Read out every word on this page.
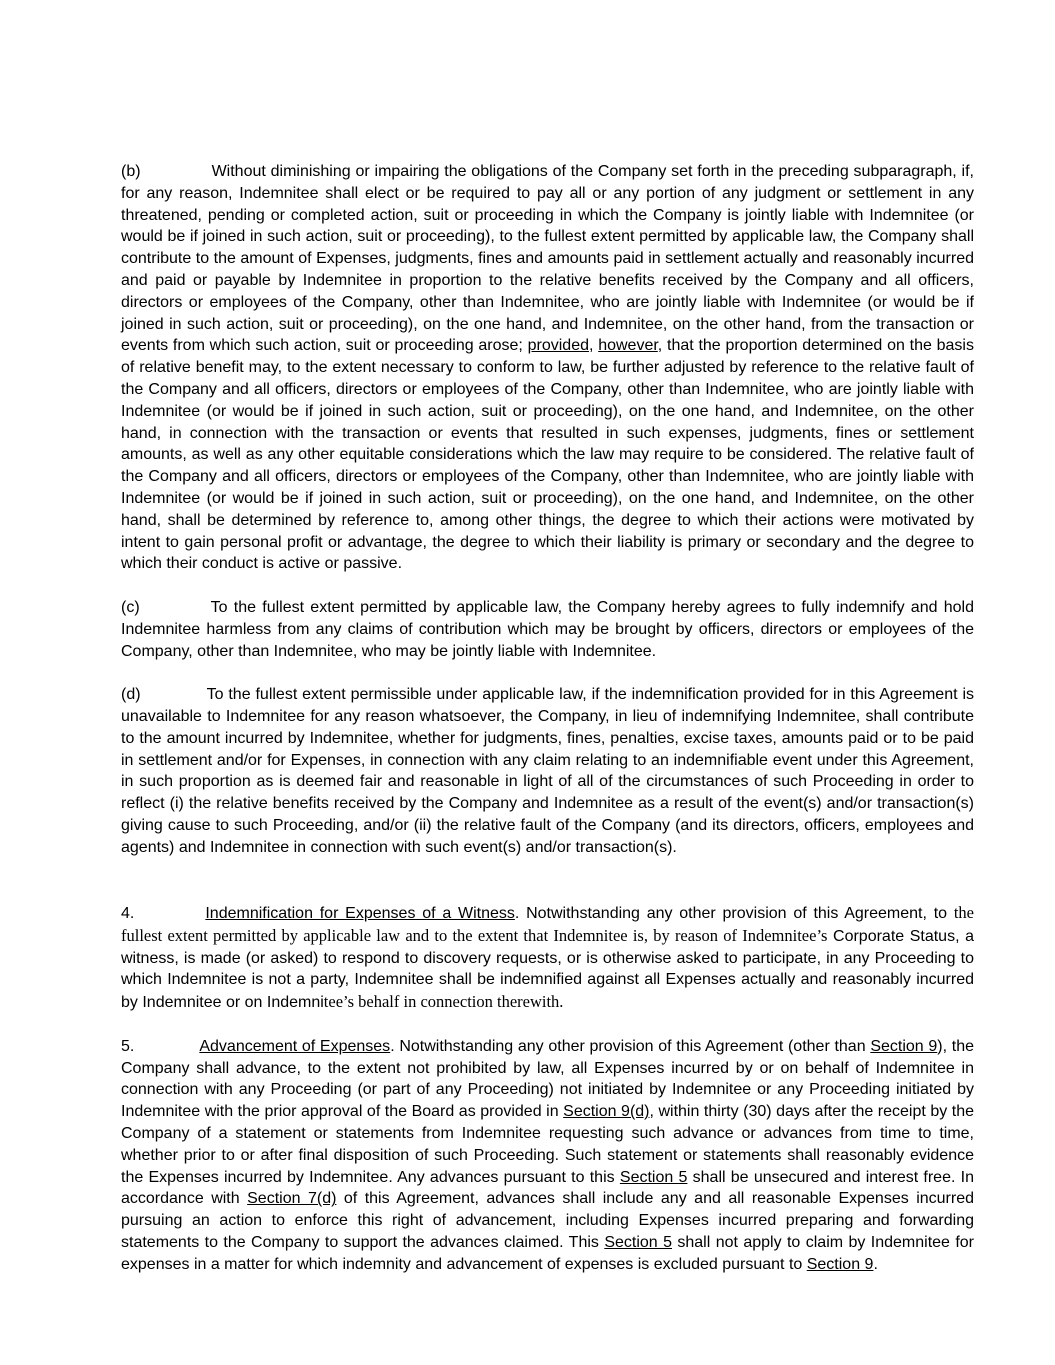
(b)	Without diminishing or impairing the obligations of the Company set forth in the preceding subparagraph, if, for any reason, Indemnitee shall elect or be required to pay all or any portion of any judgment or settlement in any threatened, pending or completed action, suit or proceeding in which the Company is jointly liable with Indemnitee (or would be if joined in such action, suit or proceeding), to the fullest extent permitted by applicable law, the Company shall contribute to the amount of Expenses, judgments, fines and amounts paid in settlement actually and reasonably incurred and paid or payable by Indemnitee in proportion to the relative benefits received by the Company and all officers, directors or employees of the Company, other than Indemnitee, who are jointly liable with Indemnitee (or would be if joined in such action, suit or proceeding), on the one hand, and Indemnitee, on the other hand, from the transaction or events from which such action, suit or proceeding arose; provided, however, that the proportion determined on the basis of relative benefit may, to the extent necessary to conform to law, be further adjusted by reference to the relative fault of the Company and all officers, directors or employees of the Company, other than Indemnitee, who are jointly liable with Indemnitee (or would be if joined in such action, suit or proceeding), on the one hand, and Indemnitee, on the other hand, in connection with the transaction or events that resulted in such expenses, judgments, fines or settlement amounts, as well as any other equitable considerations which the law may require to be considered. The relative fault of the Company and all officers, directors or employees of the Company, other than Indemnitee, who are jointly liable with Indemnitee (or would be if joined in such action, suit or proceeding), on the one hand, and Indemnitee, on the other hand, shall be determined by reference to, among other things, the degree to which their actions were motivated by intent to gain personal profit or advantage, the degree to which their liability is primary or secondary and the degree to which their conduct is active or passive.

(c)	To the fullest extent permitted by applicable law, the Company hereby agrees to fully indemnify and hold Indemnitee harmless from any claims of contribution which may be brought by officers, directors or employees of the Company, other than Indemnitee, who may be jointly liable with Indemnitee.

(d)	To the fullest extent permissible under applicable law, if the indemnification provided for in this Agreement is unavailable to Indemnitee for any reason whatsoever, the Company, in lieu of indemnifying Indemnitee, shall contribute to the amount incurred by Indemnitee, whether for judgments, fines, penalties, excise taxes, amounts paid or to be paid in settlement and/or for Expenses, in connection with any claim relating to an indemnifiable event under this Agreement, in such proportion as is deemed fair and reasonable in light of all of the circumstances of such Proceeding in order to reflect (i) the relative benefits received by the Company and Indemnitee as a result of the event(s) and/or transaction(s) giving cause to such Proceeding, and/or (ii) the relative fault of the Company (and its directors, officers, employees and agents) and Indemnitee in connection with such event(s) and/or transaction(s).

4.	Indemnification for Expenses of a Witness. Notwithstanding any other provision of this Agreement, to the fullest extent permitted by applicable law and to the extent that Indemnitee is, by reason of Indemnitee’s Corporate Status, a witness, is made (or asked) to respond to discovery requests, or is otherwise asked to participate, in any Proceeding to which Indemnitee is not a party, Indemnitee shall be indemnified against all Expenses actually and reasonably incurred by Indemnitee or on Indemnitee’s behalf in connection therewith.

5.	Advancement of Expenses. Notwithstanding any other provision of this Agreement (other than Section 9), the Company shall advance, to the extent not prohibited by law, all Expenses incurred by or on behalf of Indemnitee in connection with any Proceeding (or part of any Proceeding) not initiated by Indemnitee or any Proceeding initiated by Indemnitee with the prior approval of the Board as provided in Section 9(d), within thirty (30) days after the receipt by the Company of a statement or statements from Indemnitee requesting such advance or advances from time to time, whether prior to or after final disposition of such Proceeding. Such statement or statements shall reasonably evidence the Expenses incurred by Indemnitee. Any advances pursuant to this Section 5 shall be unsecured and interest free. In accordance with Section 7(d) of this Agreement, advances shall include any and all reasonable Expenses incurred pursuing an action to enforce this right of advancement, including Expenses incurred preparing and forwarding statements to the Company to support the advances claimed. This Section 5 shall not apply to claim by Indemnitee for expenses in a matter for which indemnity and advancement of expenses is excluded pursuant to Section 9.
